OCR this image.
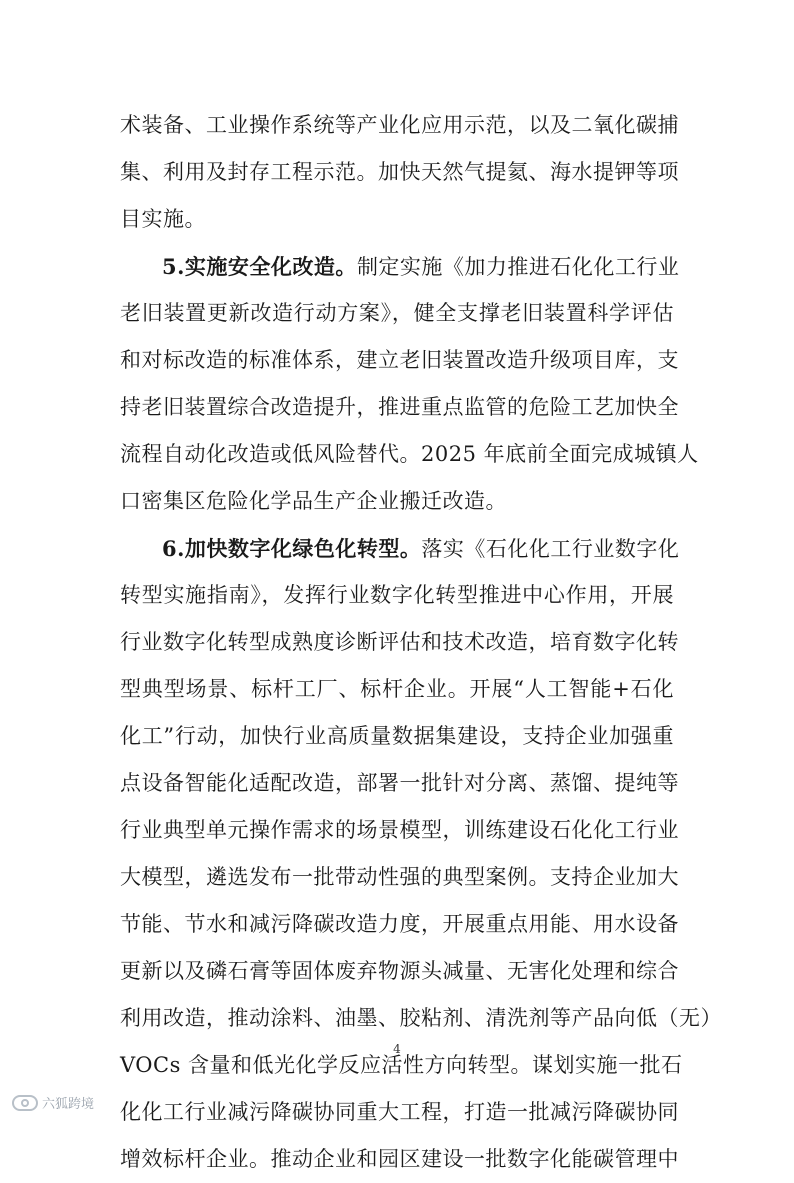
术装备、工业操作系统等产业化应用示范，以及二氧化碳捕
集、利用及封存工程示范。加快天然气提氦、海水提钾等项
目实施。
5.实施安全化改造。制定实施《加力推进石化化工行业
老旧装置更新改造行动方案》，健全支撑老旧装置科学评估
和对标改造的标准体系，建立老旧装置改造升级项目库，支
持老旧装置综合改造提升，推进重点监管的危险工艺加快全
流程自动化改造或低风险替代。2025 年底前全面完成城镇人
口密集区危险化学品生产企业搬迁改造。
6.加快数字化绿色化转型。落实《石化化工行业数字化
转型实施指南》，发挥行业数字化转型推进中心作用，开展
行业数字化转型成熟度诊断评估和技术改造，培育数字化转
型典型场景、标杆工厂、标杆企业。开展“人工智能+石化
化工”行动，加快行业高质量数据集建设，支持企业加强重
点设备智能化适配改造，部署一批针对分离、蒸馏、提纯等
行业典型单元操作需求的场景模型，训练建设石化化工行业
大模型，遴选发布一批带动性强的典型案例。支持企业加大
节能、节水和减污降碳改造力度，开展重点用能、用水设备
更新以及磷石膏等固体废弃物源头减量、无害化处理和综合
利用改造，推动涂料、油墨、胶粘剂、清洗剂等产品向低（无）
VOCs 含量和低光化学反应活性方向转型。谋划实施一批石
化化工行业减污降碳协同重大工程，打造一批减污降碳协同
增效标杆企业。推动企业和园区建设一批数字化能碳管理中
4
六狐跨境
